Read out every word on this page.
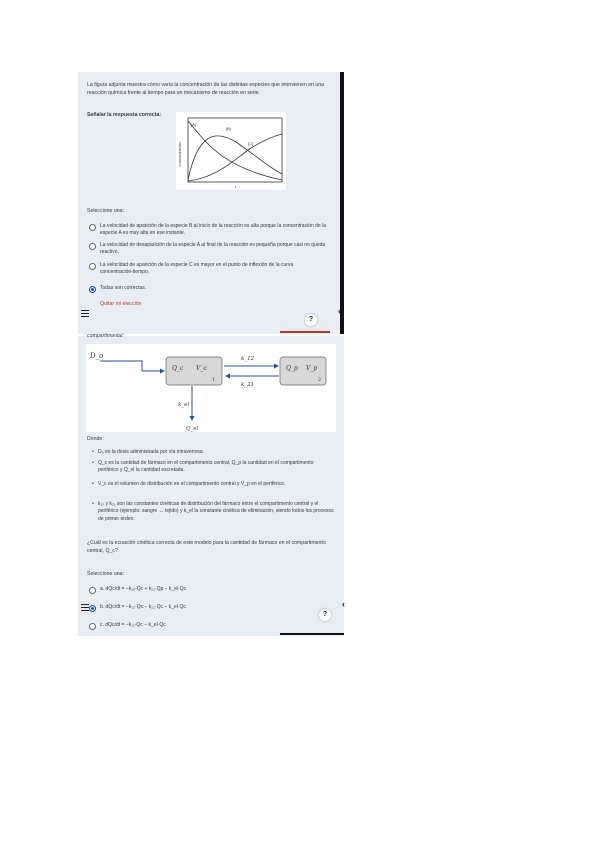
La figura adjunta muestra cómo varía la concentración de las distintas especies que intervienen en una reacción química frente al tiempo para un mecanismo de reacción en serie.
Señalar la respuesta correcta:
concentración
t
[A]
[B]
[C]
Seleccione una:
La velocidad de aparición de la especie B al inicio de la reacción es alta porque la concentración de la especie A es muy alta en ese instante.
La velocidad de desaparición de la especie A al final de la reacción es pequeña porque casi no queda reactivo.
La velocidad de aparición de la especie C es mayor en el punto de inflexión de la curva concentración-tiempo.
Todas son correctas.
Quitar mi elección
?
‹
compartimental:
D_o
Q_c V_c
1
Q_p V_p
2
k_12
k_21
k_el
Q_el
Donde:
• D₀ es la dosis administrada por vía intravenosa.
• Q_c es la cantidad de fármaco en el compartimento central, Q_p la cantidad en el compartimento periférico y Q_el la cantidad excretada.
• V_c es el volumen de distribución en el compartimento central y V_p en el periférico.
• k₁₂ y k₂₁ son las constantes cinéticas de distribución del fármaco entre el compartimento central y el periférico (ejemplo: sangre ↔ tejido) y k_el la constante cinética de eliminación, siendo todos los procesos de primer orden.
¿Cuál es la ecuación cinética correcta de este modelo para la cantidad de fármaco en el compartimento central, Q_c?
Seleccione una:
a. dQc/dt = −k₁₂·Qc + k₂₁·Qp − k_el·Qc
b. dQc/dt = −k₁₂·Qc − k₂₁·Qc − k_el·Qc
c. dQc/dt = −k₁₂·Qc − k_el·Qc
?
‹
